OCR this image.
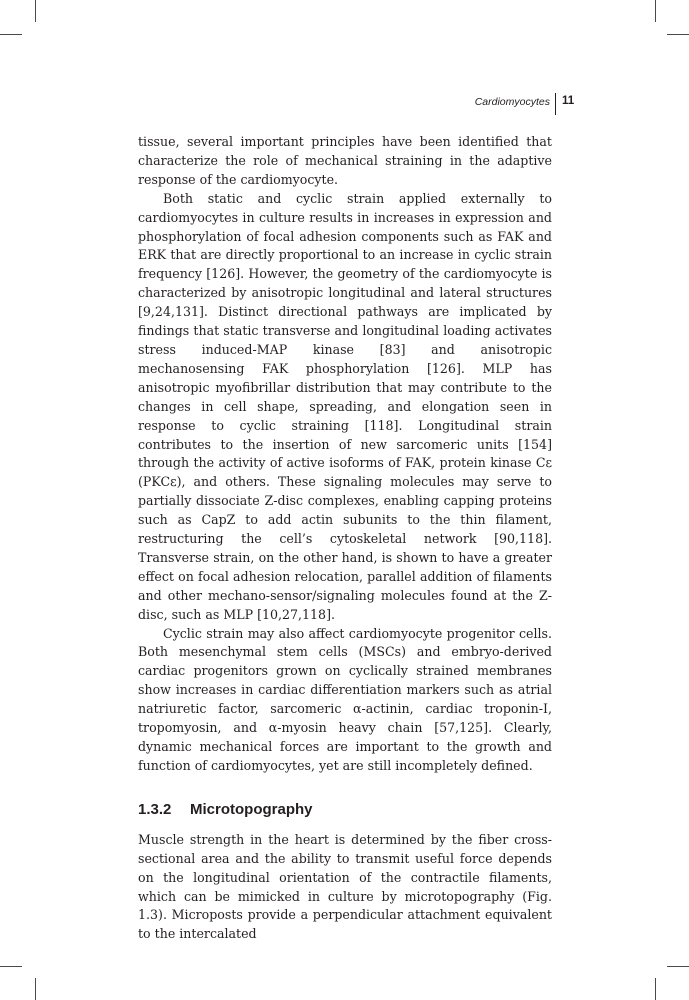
Cardiomyocytes 11

tissue, several important principles have been identified that characterize the role of mechanical straining in the adaptive response of the cardiomyocyte.

Both static and cyclic strain applied externally to cardiomyocytes in culture results in increases in expression and phosphorylation of focal adhesion components such as FAK and ERK that are directly proportional to an increase in cyclic strain frequency [126]. However, the geometry of the cardiomyocyte is characterized by anisotropic longitudinal and lateral structures [9,24,131]. Distinct directional pathways are implicated by findings that static transverse and longitudinal loading activates stress induced-MAP kinase [83] and anisotropic mechanosensing FAK phosphorylation [126]. MLP has anisotropic myofibrillar distribution that may contribute to the changes in cell shape, spreading, and elongation seen in response to cyclic straining [118]. Longitudinal strain contributes to the insertion of new sarcomeric units [154] through the activity of active isoforms of FAK, protein kinase Cε (PKCε), and others. These signaling molecules may serve to partially dissociate Z-disc complexes, enabling capping proteins such as CapZ to add actin subunits to the thin filament, restructuring the cell’s cytoskeletal network [90,118]. Transverse strain, on the other hand, is shown to have a greater effect on focal adhesion relocation, parallel addition of filaments and other mechano-sensor/signaling molecules found at the Z-disc, such as MLP [10,27,118].

Cyclic strain may also affect cardiomyocyte progenitor cells. Both mesenchymal stem cells (MSCs) and embryo-derived cardiac progenitors grown on cyclically strained membranes show increases in cardiac differentiation markers such as atrial natriuretic factor, sarcomeric α-actinin, cardiac troponin-I, tropomyosin, and α-myosin heavy chain [57,125]. Clearly, dynamic mechanical forces are important to the growth and function of cardiomyocytes, yet are still incompletely defined.

1.3.2 Microtopography

Muscle strength in the heart is determined by the fiber cross-sectional area and the ability to transmit useful force depends on the longitudinal orientation of the contractile filaments, which can be mimicked in culture by microtopography (Fig. 1.3). Microposts provide a perpendicular attachment equivalent to the intercalated
